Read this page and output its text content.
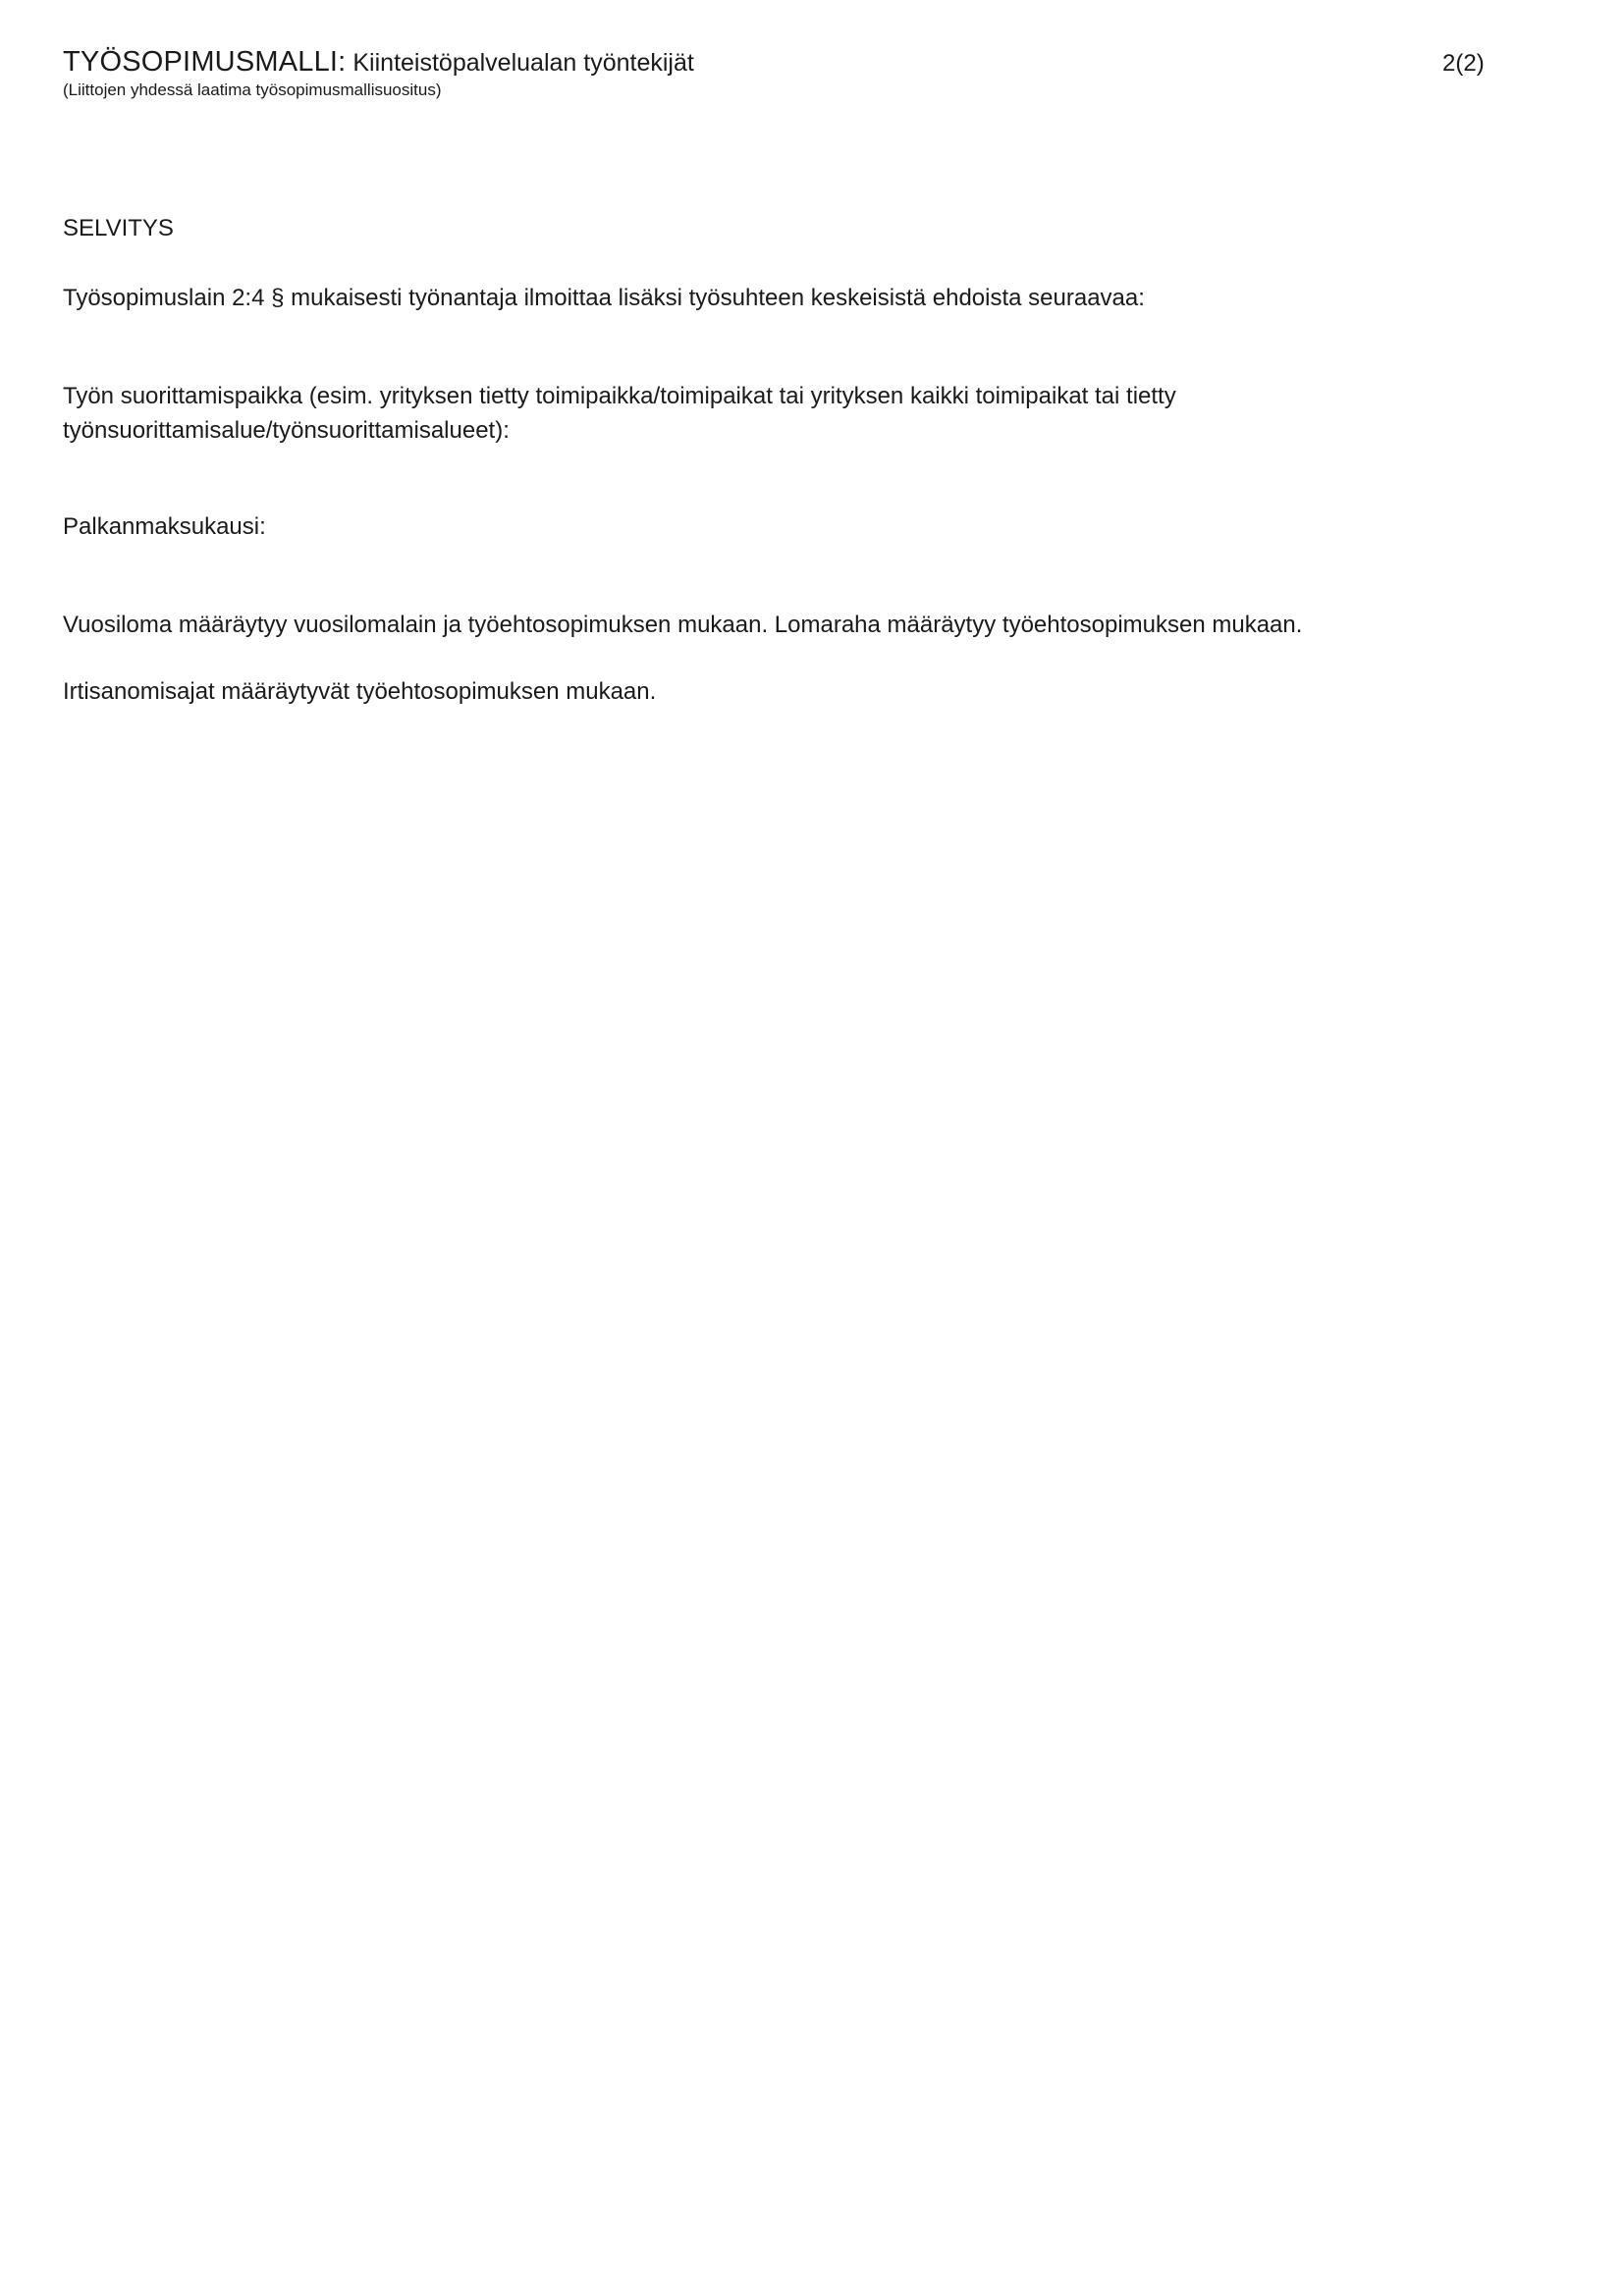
TYÖSOPIMUSMALLI: Kiinteistöpalvelualan työntekijät
(Liittojen yhdessä laatima työsopimusmallisuositus)
2(2)
SELVITYS
Työsopimuslain 2:4 § mukaisesti työnantaja ilmoittaa lisäksi työsuhteen keskeisistä ehdoista seuraavaa:
Työn suorittamispaikka (esim. yrityksen tietty toimipaikka/toimipaikat tai yrityksen kaikki toimipaikat tai tietty
työnsuorittamisalue/työnsuorittamisalueet):
Palkanmaksukausi:
Vuosiloma määräytyy vuosilomalain ja työehtosopimuksen mukaan. Lomaraha määräytyy työehtosopimuksen mukaan.
Irtisanomisajat määräytyvät työehtosopimuksen mukaan.
